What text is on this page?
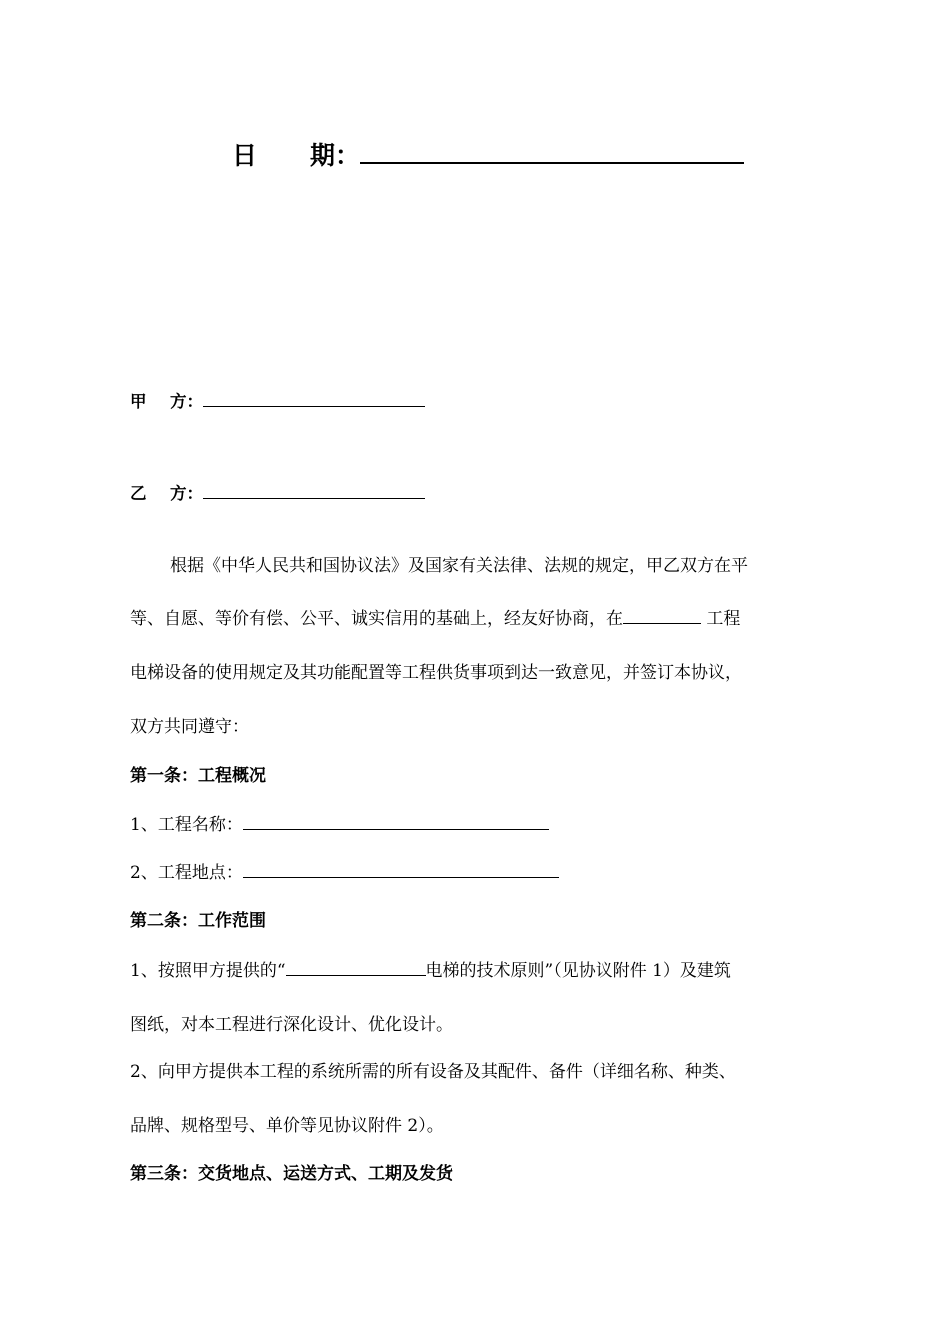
日 期：
甲 方：
乙 方：
根据《中华人民共和国协议法》及国家有关法律、法规的规定，甲乙双方在平
等、自愿、等价有偿、公平、诚实信用的基础上，经友好协商，在	工程
电梯设备的使用规定及其功能配置等工程供货事项到达一致意见，并签订本协议，
双方共同遵守：
第一条：工程概况
1、工程名称：
2、工程地点：
第二条：工作范围
1、按照甲方提供的“	电梯的技术原则”（见协议附件 1）及建筑
图纸，对本工程进行深化设计、优化设计。
2、向甲方提供本工程的系统所需的所有设备及其配件、备件（详细名称、种类、
品牌、规格型号、单价等见协议附件 2）。
第三条：交货地点、运送方式、工期及发货
